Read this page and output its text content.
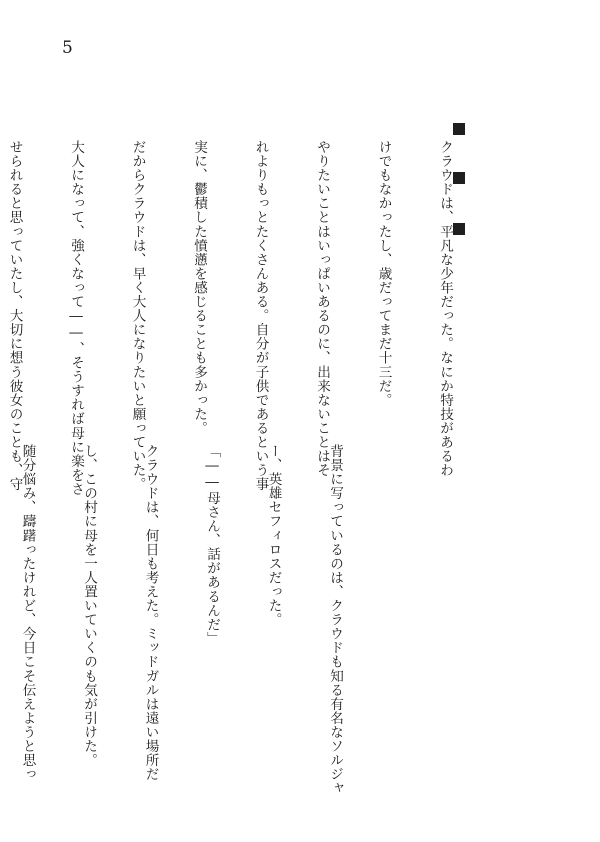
5

クラウドは、平凡な少年だった。なにか特技があるわ

けでもなかったし、歳だってまだ十三だ。

やりたいことはいっぱいあるのに、出来ないことはそ

れよりもっとたくさんある。自分が子供であるという事

実に、鬱積した憤懣を感じることも多かった。

だからクラウドは、早く大人になりたいと願っていた。

大人になって、強くなって――、そうすれば母に楽をさ

せられると思っていたし、大切に想う彼女のことも、守

背景に写っているのは、クラウドも知る有名なソルジャ

ー、英雄セフィロスだった。

「――母さん、話があるんだ」

クラウドは、何日も考えた。ミッドガルは遠い場所だ

し、この村に母を一人置いていくのも気が引けた。

随分悩み、躊躇ったけれど、今日こそ伝えようと思っ
